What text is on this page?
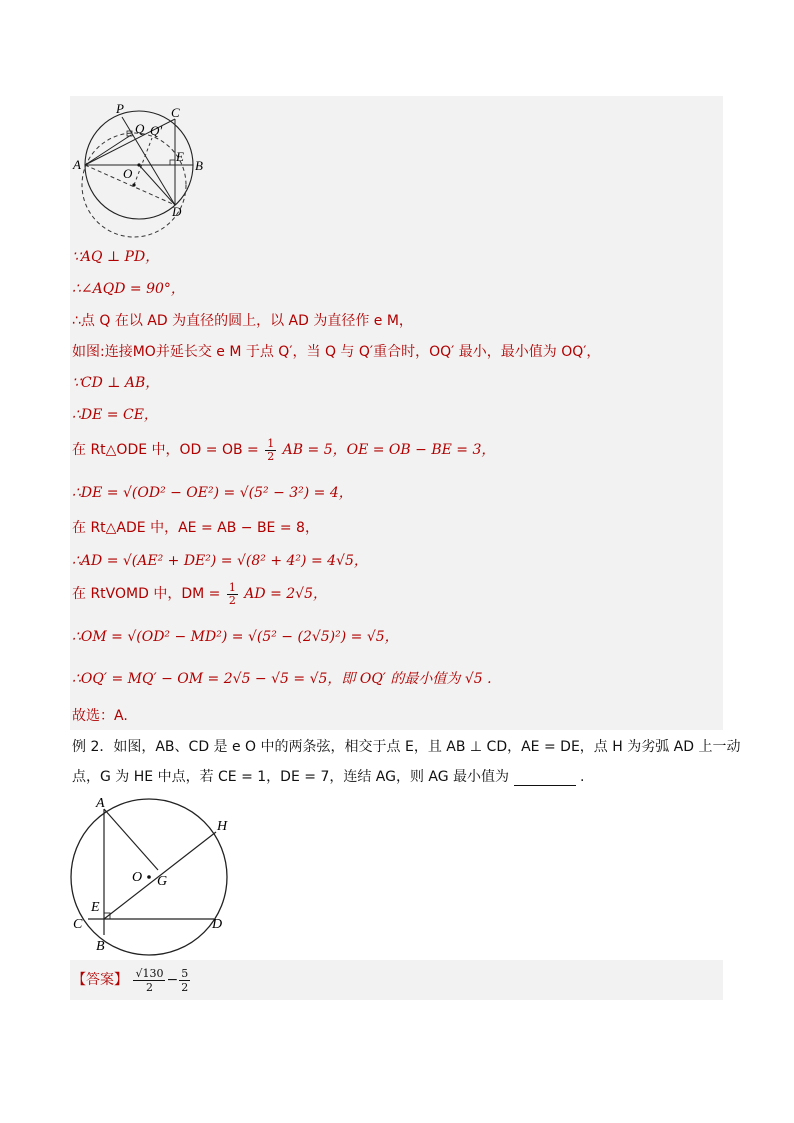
P	C
Q Q′
A
E
B
O
D
∵AQ ⊥ PD，
∴∠AQD = 90°，
∴点 Q 在以 AD 为直径的圆上，以 AD 为直径作 e M，
如图:连接MO并延长交 e M 于点 Q′，当 Q 与 Q′重合时，OQ′ 最小，最小值为 OQ′，
∵CD ⊥ AB，
∴DE = CE，
在 Rt△ODE 中，OD = OB = $\frac{1}{2}$ AB = 5，OE = OB − BE = 3，
∴DE = √(OD² − OE²) = √(5² − 3²) = 4，
在 Rt△ADE 中，AE = AB − BE = 8，
∴AD = √(AE² + DE²) = √(8² + 4²) = 4√5，
在 RtVOMD 中，DM = $\frac{1}{2}$ AD = 2√5，
∴OM = √(OD² − MD²) = √(5² − (2√5)²) = √5，
∴OQ′ = MQ′ − OM = 2√5 − √5 = √5，即 OQ′ 的最小值为 √5 .
故选：A.
例 2．如图，AB、CD 是 e O 中的两条弦，相交于点 E，且 AB ⊥ CD，AE = DE，点 H 为劣弧 AD 上一动
点，G 为 HE 中点，若 CE = 1，DE = 7，连结 AG，则 AG 最小值为	.
A
H
O G
E
C	D
B
【答案】 $\frac{√130}{2}- \frac{5}{2}$
